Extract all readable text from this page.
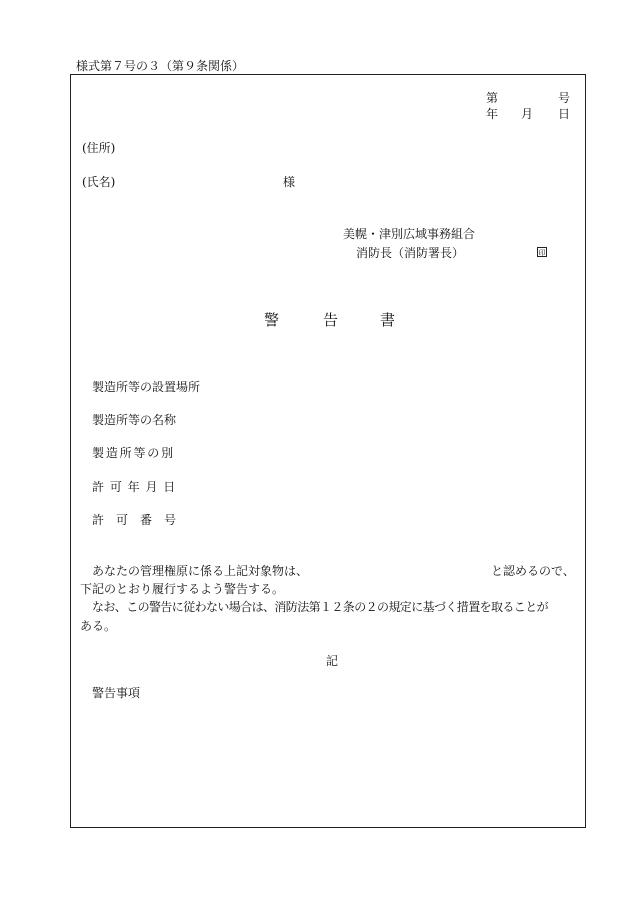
様式第７号の３（第９条関係）
第	号
年 月 日
(住所)
(氏名)	様
美幌・津別広域事務組合
消防長（消防署長）	印
警	告	書
製造所等の設置場所
製造所等の名称
製 造 所 等 の 別
許 可 年 月 日
許　可　番　号
あなたの管理権原に係る上記対象物は、	と認めるので、
下記のとおり履行するよう警告する。
なお、この警告に従わない場合は、消防法第１２条の２の規定に基づく措置を取ることが
ある。
記
警告事項
